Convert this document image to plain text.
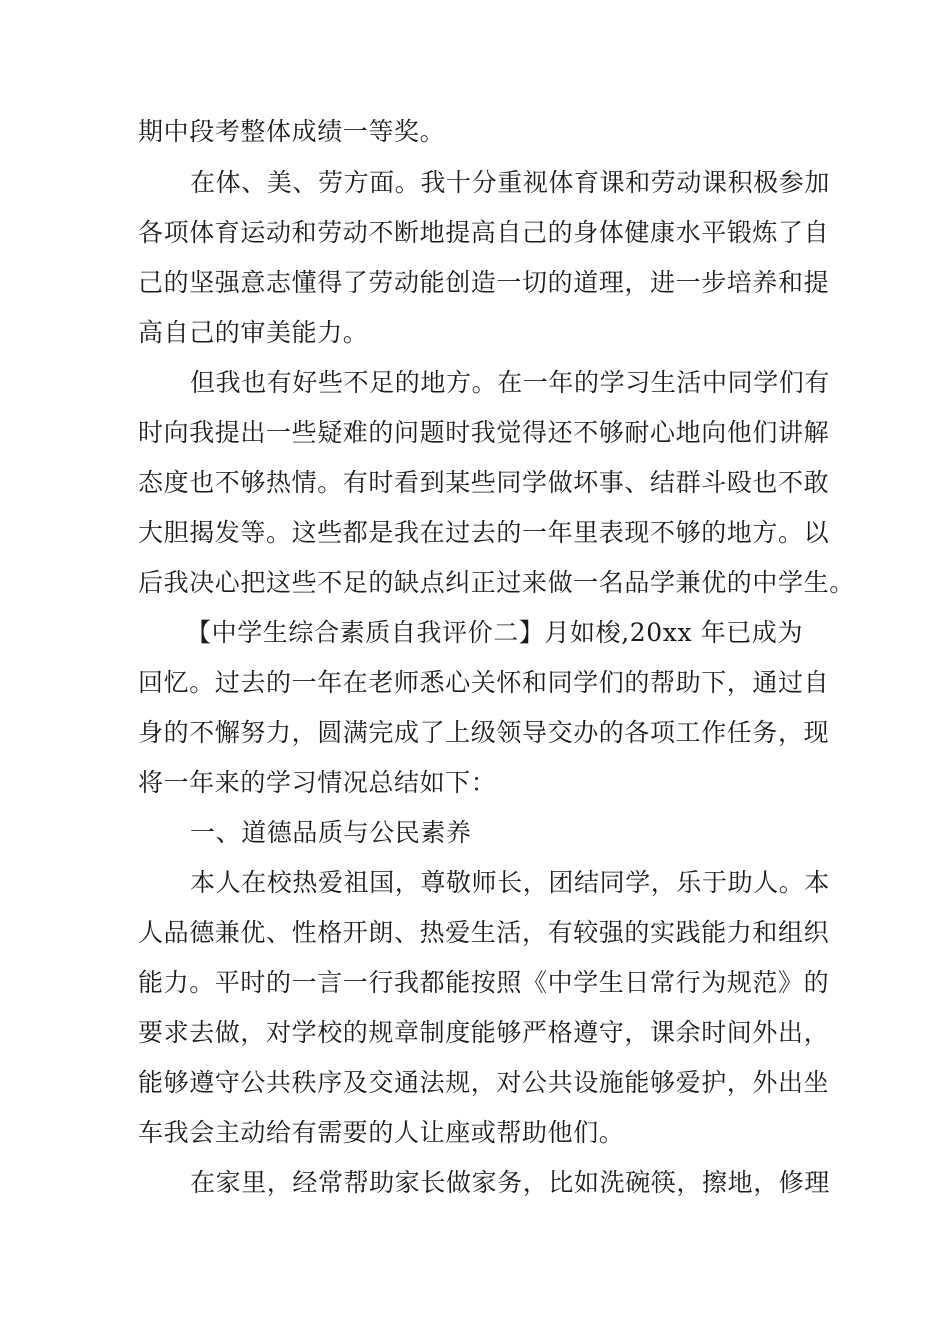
期中段考整体成绩一等奖。
在体、美、劳方面。我十分重视体育课和劳动课积极参加
各项体育运动和劳动不断地提高自己的身体健康水平锻炼了自
己的坚强意志懂得了劳动能创造一切的道理，进一步培养和提
高自己的审美能力。
但我也有好些不足的地方。在一年的学习生活中同学们有
时向我提出一些疑难的问题时我觉得还不够耐心地向他们讲解
态度也不够热情。有时看到某些同学做坏事、结群斗殴也不敢
大胆揭发等。这些都是我在过去的一年里表现不够的地方。以
后我决心把这些不足的缺点纠正过来做一名品学兼优的中学生。
【中学生综合素质自我评价二】月如梭,20xx 年已成为
回忆。过去的一年在老师悉心关怀和同学们的帮助下，通过自
身的不懈努力，圆满完成了上级领导交办的各项工作任务，现
将一年来的学习情况总结如下：
一、道德品质与公民素养
本人在校热爱祖国，尊敬师长，团结同学，乐于助人。本
人品德兼优、性格开朗、热爱生活，有较强的实践能力和组织
能力。平时的一言一行我都能按照《中学生日常行为规范》的
要求去做，对学校的规章制度能够严格遵守，课余时间外出，
能够遵守公共秩序及交通法规，对公共设施能够爱护，外出坐
车我会主动给有需要的人让座或帮助他们。
在家里，经常帮助家长做家务，比如洗碗筷，擦地，修理
